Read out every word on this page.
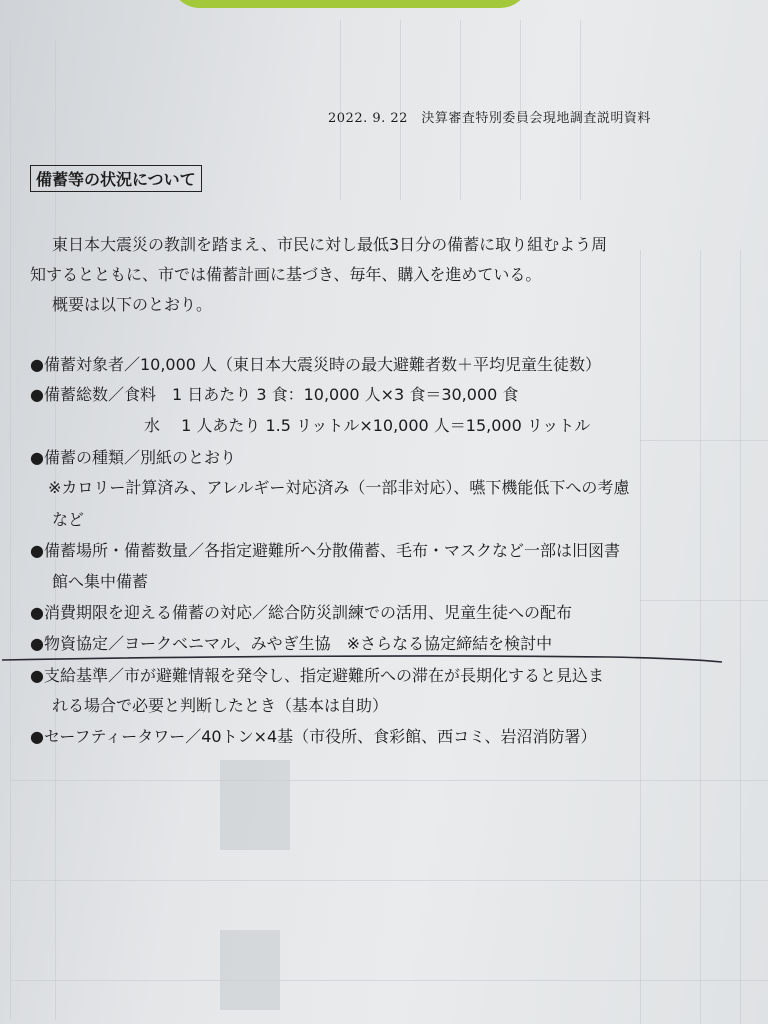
2022. 9. 22　決算審査特別委員会現地調査説明資料
備蓄等の状況について
東日本大震災の教訓を踏まえ、市民に対し最低3日分の備蓄に取り組むよう周
知するとともに、市では備蓄計画に基づき、毎年、購入を進めている。
概要は以下のとおり。
●備蓄対象者／10,000 人（東日本大震災時の最大避難者数＋平均児童生徒数）
●備蓄総数／食料　1 日あたり 3 食：10,000 人×3 食＝30,000 食
水　 1 人あたり 1.5 リットル×10,000 人＝15,000 リットル
●備蓄の種類／別紙のとおり
※カロリー計算済み、アレルギー対応済み（一部非対応）、嚥下機能低下への考慮
など
●備蓄場所・備蓄数量／各指定避難所へ分散備蓄、毛布・マスクなど一部は旧図書
館へ集中備蓄
●消費期限を迎える備蓄の対応／総合防災訓練での活用、児童生徒への配布
●物資協定／ヨークベニマル、みやぎ生協　※さらなる協定締結を検討中
●支給基準／市が避難情報を発令し、指定避難所への滞在が長期化すると見込ま
れる場合で必要と判断したとき（基本は自助）
●セーフティータワー／40トン×4基（市役所、食彩館、西コミ、岩沼消防署）
